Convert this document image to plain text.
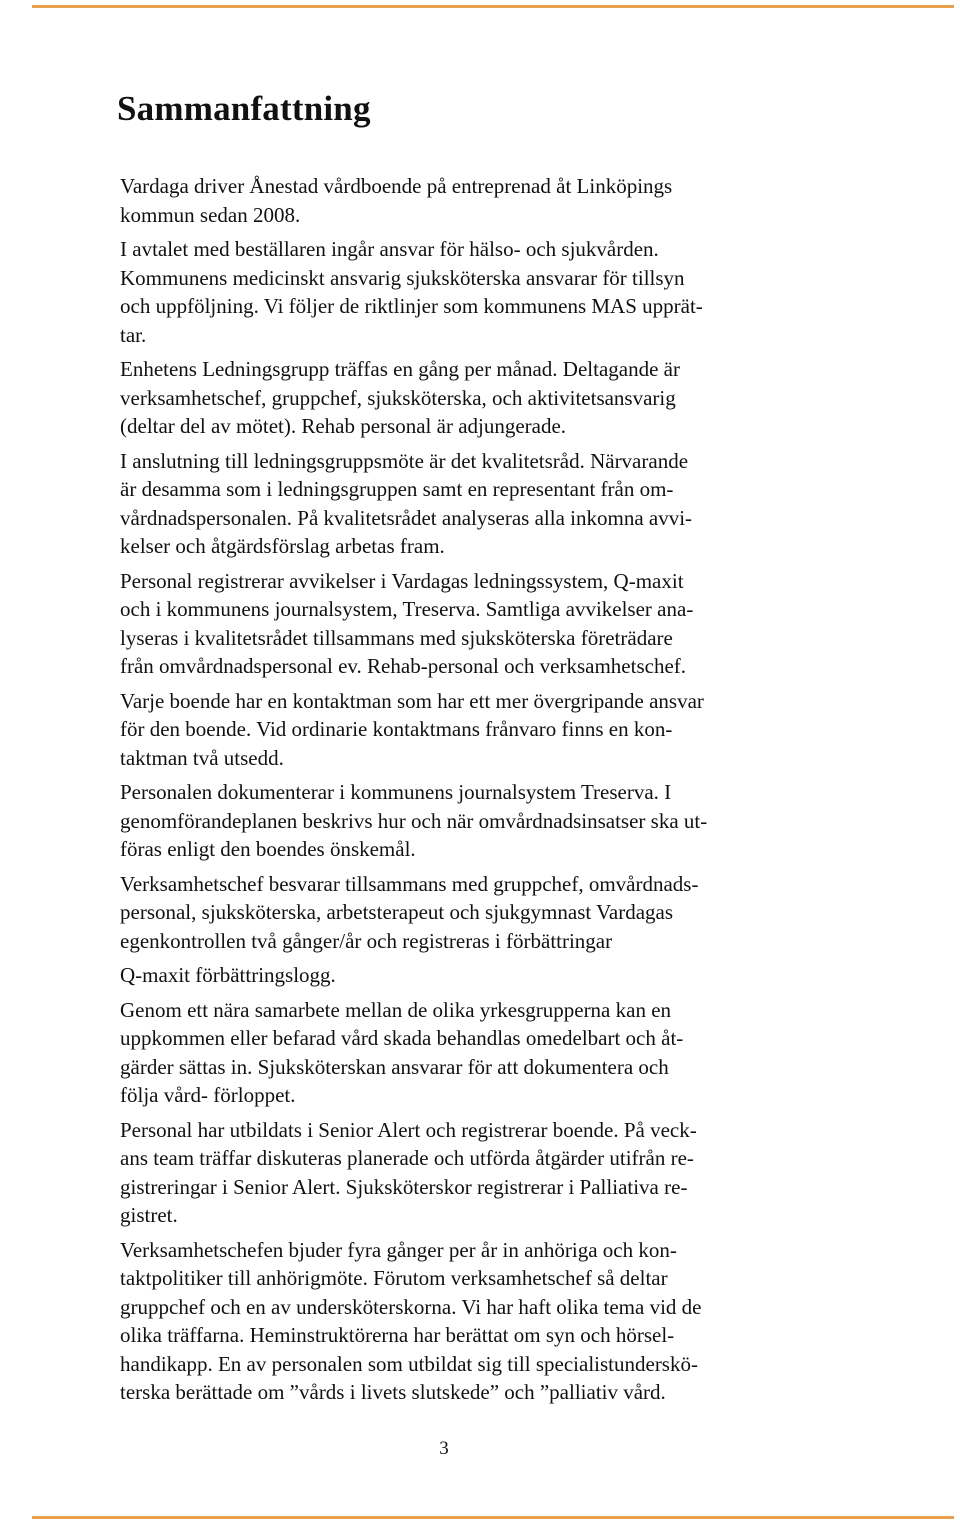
Sammanfattning
Vardaga driver Ånestad vårdboende på entreprenad åt Linköpings
kommun sedan 2008.
I avtalet med beställaren ingår ansvar för hälso- och sjukvården.
Kommunens medicinskt ansvarig sjuksköterska ansvarar för tillsyn
och uppföljning. Vi följer de riktlinjer som kommunens MAS upprät-
tar.
Enhetens Ledningsgrupp träffas en gång per månad. Deltagande är
verksamhetschef, gruppchef, sjuksköterska, och aktivitetsansvarig
(deltar del av mötet). Rehab personal är adjungerade.
I anslutning till ledningsgruppsmöte är det kvalitetsråd. Närvarande
är desamma som i ledningsgruppen samt en representant från om-
vårdnadspersonalen. På kvalitetsrådet analyseras alla inkomna avvi-
kelser och åtgärdsförslag arbetas fram.
Personal registrerar avvikelser i Vardagas ledningssystem, Q-maxit
och i kommunens journalsystem, Treserva. Samtliga avvikelser ana-
lyseras i kvalitetsrådet tillsammans med sjuksköterska företrädare
från omvårdnadspersonal ev. Rehab-personal och verksamhetschef.
Varje boende har en kontaktman som har ett mer övergripande ansvar
för den boende. Vid ordinarie kontaktmans frånvaro finns en kon-
taktman två utsedd.
Personalen dokumenterar i kommunens journalsystem Treserva. I
genomförandeplanen beskrivs hur och när omvårdnadsinsatser ska ut-
föras enligt den boendes önskemål.
Verksamhetschef besvarar tillsammans med gruppchef, omvårdnads-
personal, sjuksköterska, arbetsterapeut och sjukgymnast Vardagas
egenkontrollen två gånger/år och registreras i förbättringar
Q-maxit förbättringslogg.
Genom ett nära samarbete mellan de olika yrkesgrupperna kan en
uppkommen eller befarad vård skada behandlas omedelbart och åt-
gärder sättas in. Sjuksköterskan ansvarar för att dokumentera och
följa vård- förloppet.
Personal har utbildats i Senior Alert och registrerar boende. På veck-
ans team träffar diskuteras planerade och utförda åtgärder utifrån re-
gistreringar i Senior Alert. Sjuksköterskor registrerar i Palliativa re-
gistret.
Verksamhetschefen bjuder fyra gånger per år in anhöriga och kon-
taktpolitiker till anhörigmöte. Förutom verksamhetschef så deltar
gruppchef och en av undersköterskorna. Vi har haft olika tema vid de
olika träffarna. Heminstruktörerna har berättat om syn och hörsel-
handikapp. En av personalen som utbildat sig till specialistunderskö-
terska berättade om ”vårds i livets slutskede” och ”palliativ vård.
3
